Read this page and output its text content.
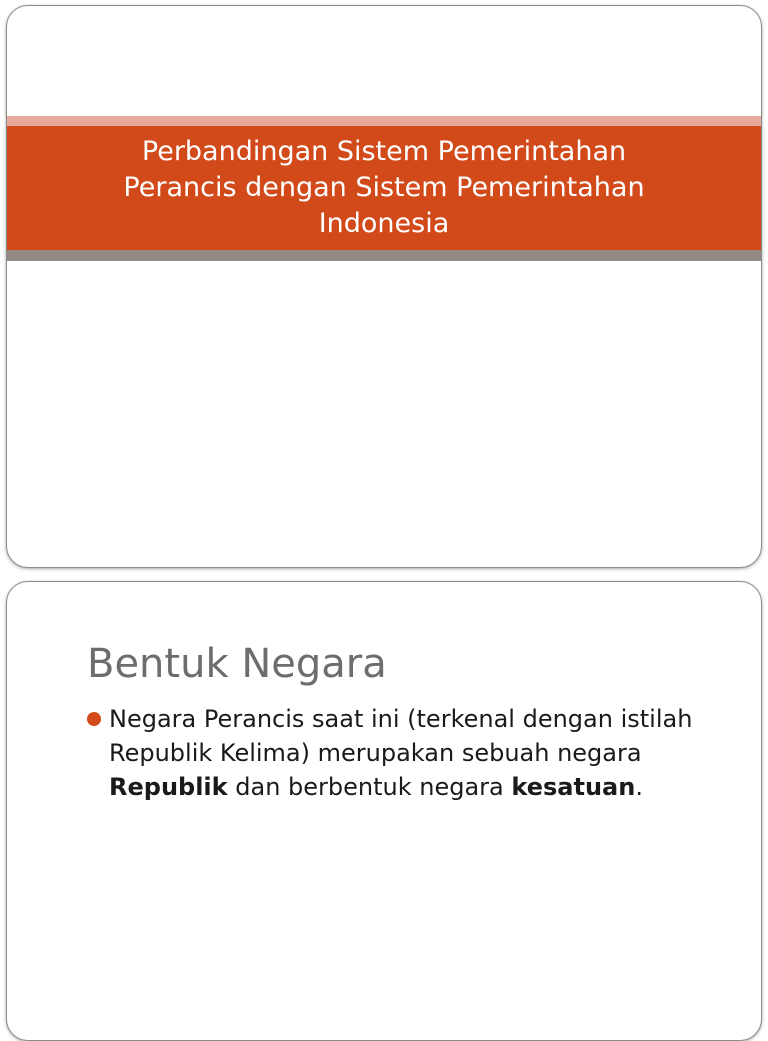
Perbandingan Sistem Pemerintahan
Perancis dengan Sistem Pemerintahan
Indonesia

Bentuk Negara
Negara Perancis saat ini (terkenal dengan istilah Republik Kelima) merupakan sebuah negara Republik dan berbentuk negara kesatuan.
